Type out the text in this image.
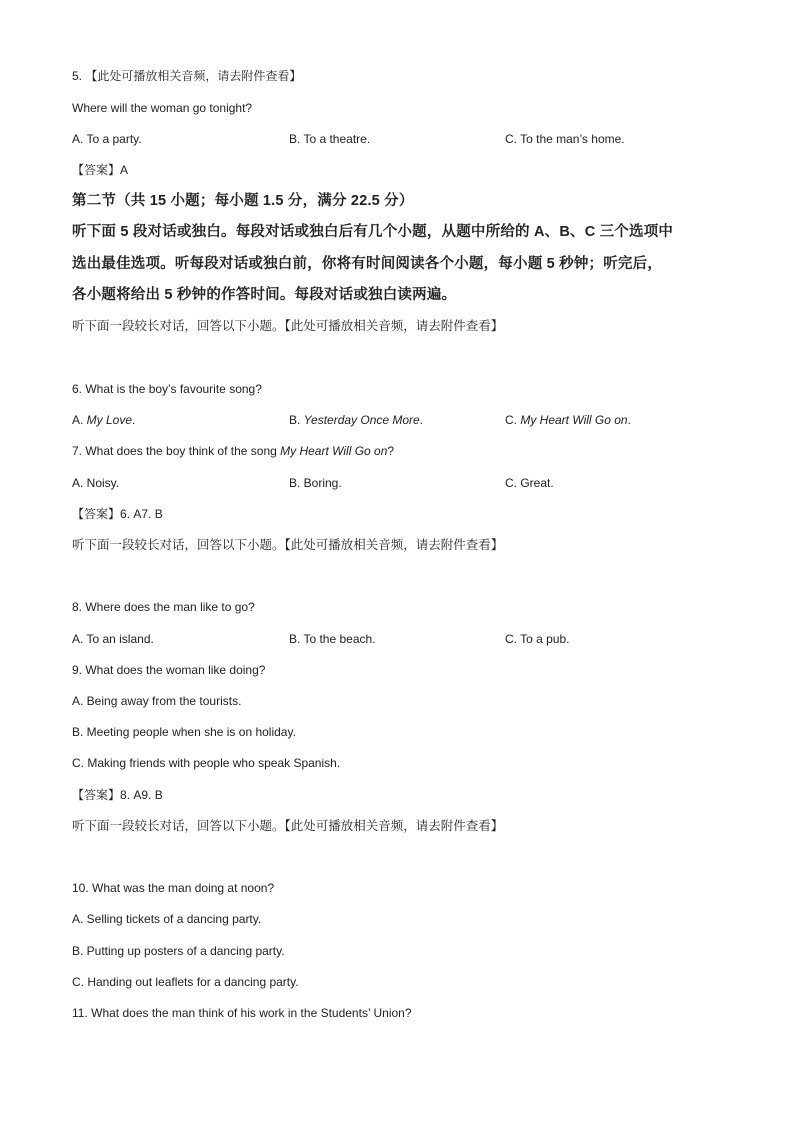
5. 【此处可播放相关音频，请去附件查看】
Where will the woman go tonight?
A. To a party.	B. To a theatre.	C. To the man’s home.
【答案】A
第二节（共 15 小题；每小题 1.5 分，满分 22.5 分）
听下面 5 段对话或独白。每段对话或独白后有几个小题，从题中所给的 A、B、C 三个选项中
选出最佳选项。听每段对话或独白前，你将有时间阅读各个小题，每小题 5 秒钟；听完后，
各小题将给出 5 秒钟的作答时间。每段对话或独白读两遍。
听下面一段较长对话，回答以下小题。【此处可播放相关音频，请去附件查看】
6. What is the boy’s favourite song?
A. My Love.	B. Yesterday Once More.	C. My Heart Will Go on.
7. What does the boy think of the song My Heart Will Go on?
A. Noisy.	B. Boring.	C. Great.
【答案】6. A7. B
听下面一段较长对话，回答以下小题。【此处可播放相关音频，请去附件查看】
8. Where does the man like to go?
A. To an island.	B. To the beach.	C. To a pub.
9. What does the woman like doing?
A. Being away from the tourists.
B. Meeting people when she is on holiday.
C. Making friends with people who speak Spanish.
【答案】8. A9. B
听下面一段较长对话，回答以下小题。【此处可播放相关音频，请去附件查看】
10. What was the man doing at noon?
A. Selling tickets of a dancing party.
B. Putting up posters of a dancing party.
C. Handing out leaflets for a dancing party.
11. What does the man think of his work in the Students’ Union?
